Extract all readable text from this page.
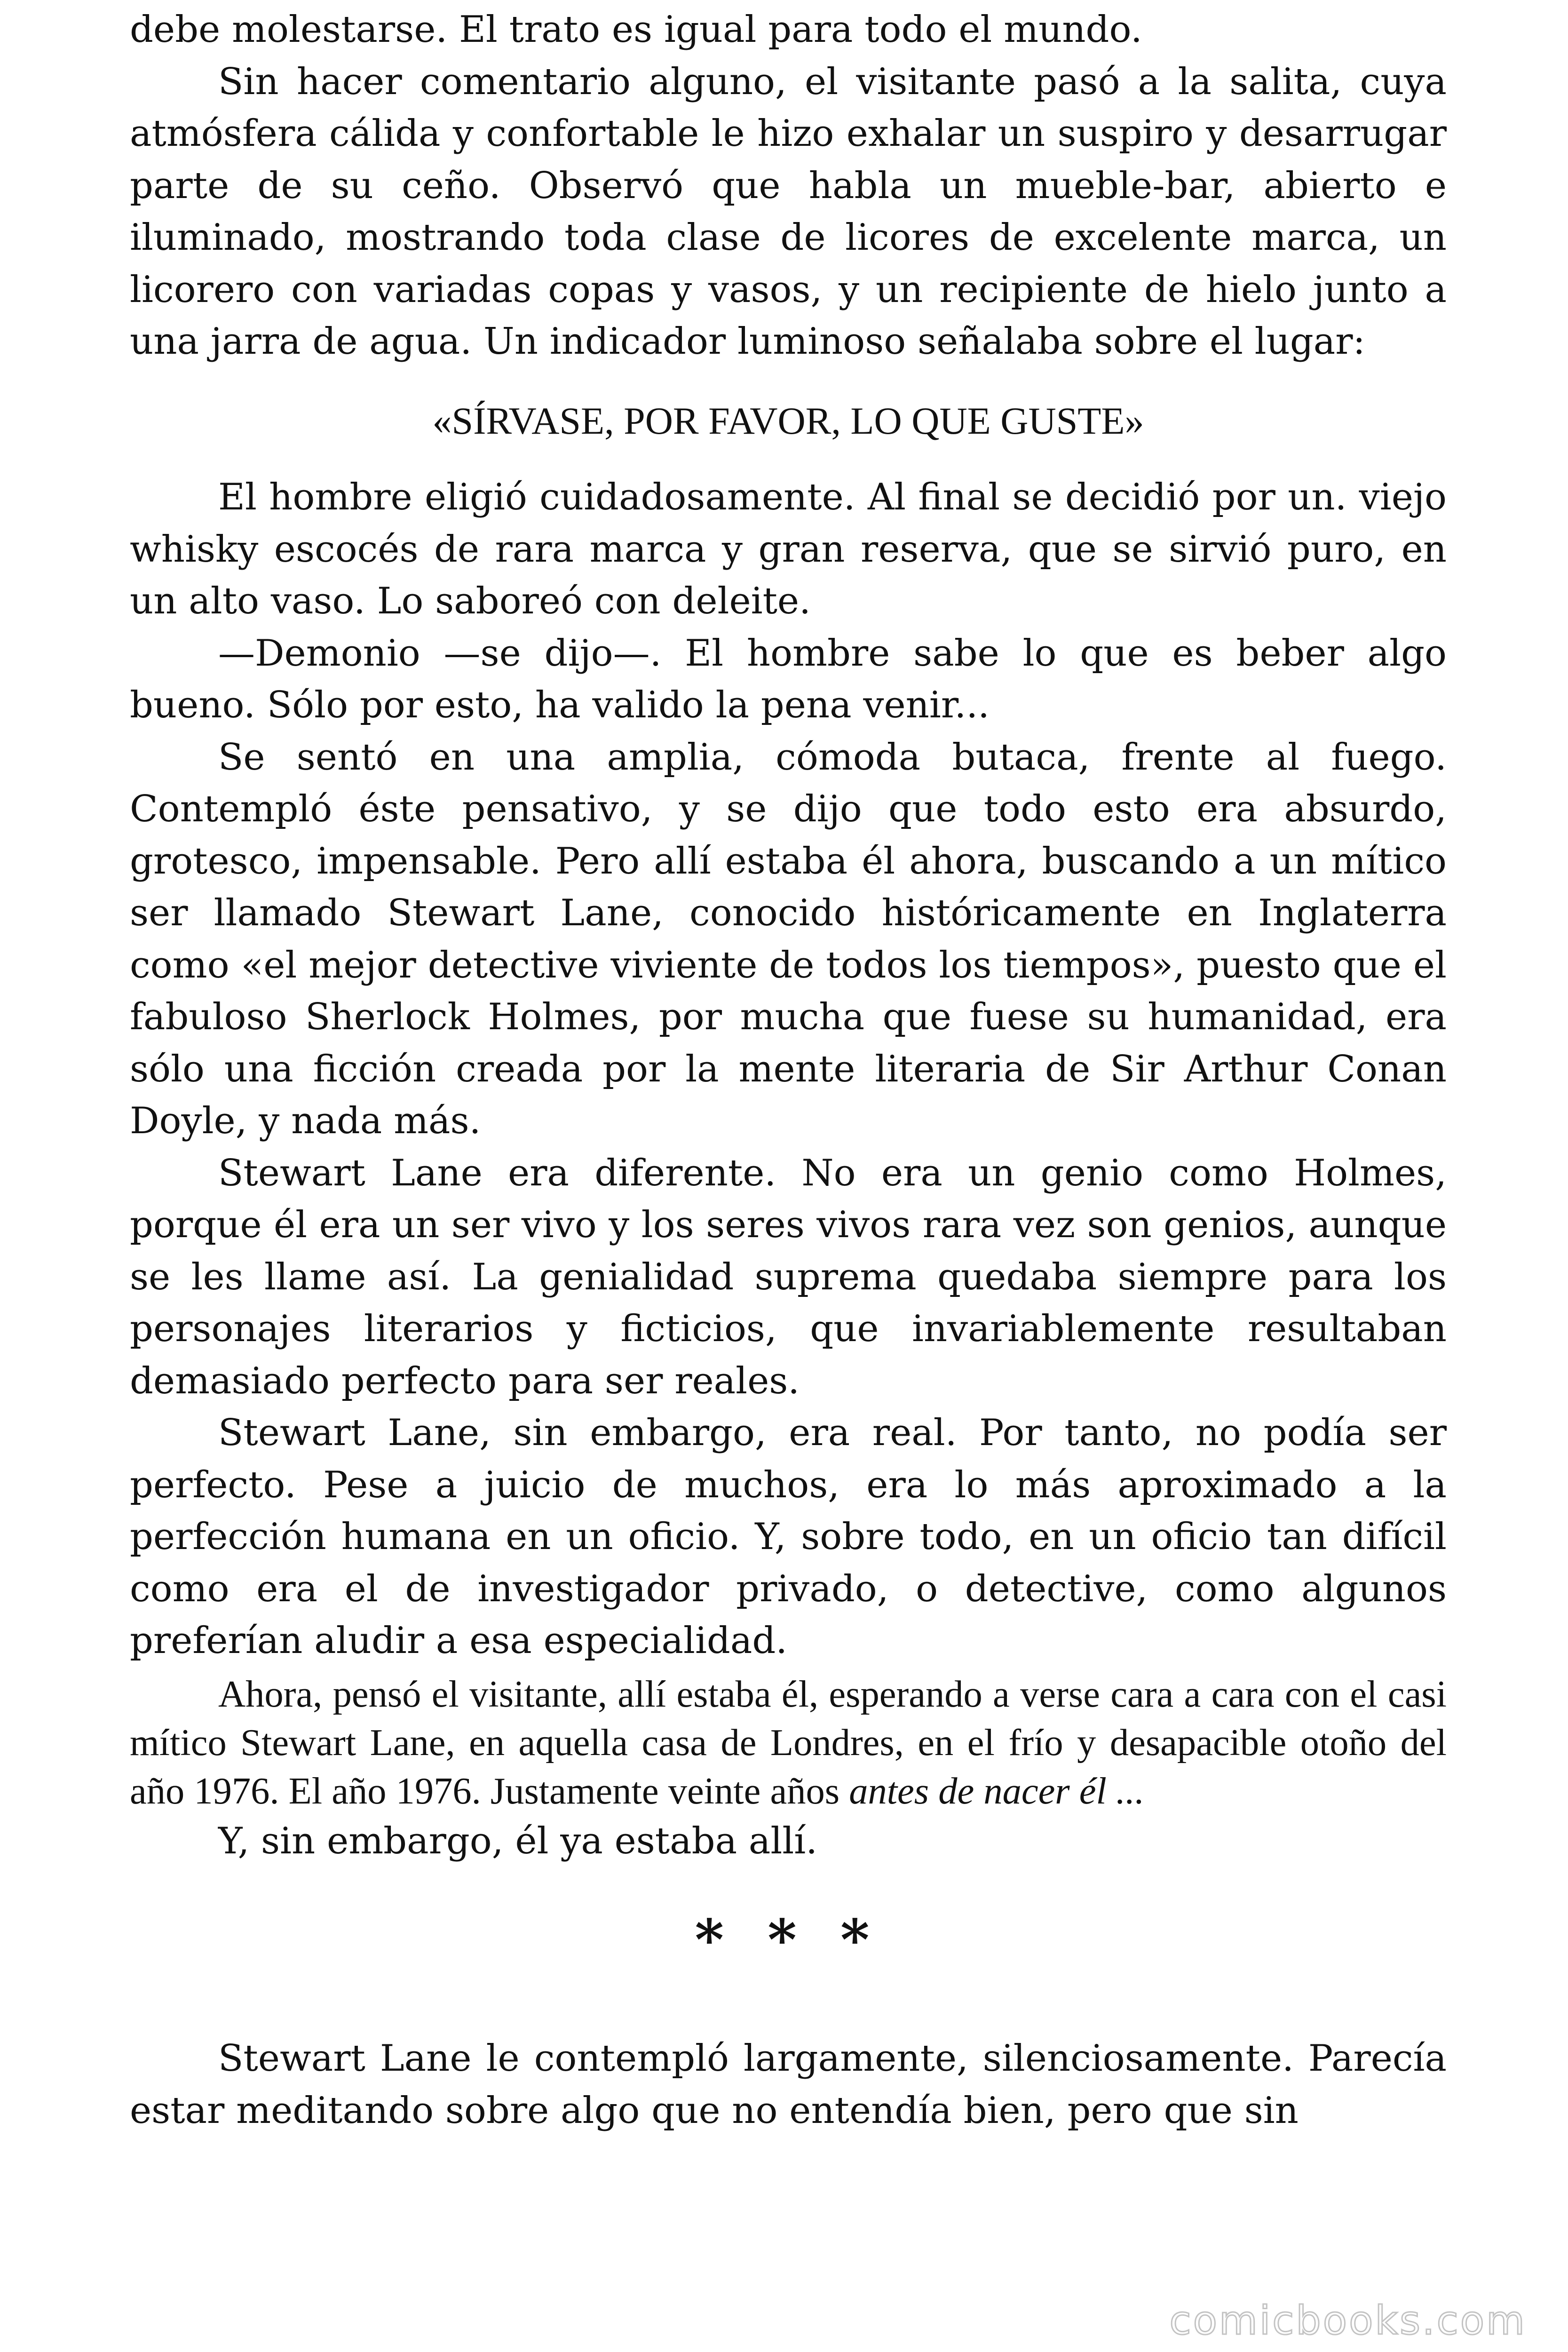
debe molestarse. El trato es igual para todo el mundo.

Sin hacer comentario alguno, el visitante pasó a la salita, cuya atmósfera cálida y confortable le hizo exhalar un suspiro y desarrugar parte de su ceño. Observó que habla un mueble-bar, abierto e iluminado, mostrando toda clase de licores de excelente marca, un licorero con variadas copas y vasos, y un recipiente de hielo junto a una jarra de agua. Un indicador luminoso señalaba sobre el lugar:

«SÍRVASE, POR FAVOR, LO QUE GUSTE»

El hombre eligió cuidadosamente. Al final se decidió por un. viejo whisky escocés de rara marca y gran reserva, que se sirvió puro, en un alto vaso. Lo saboreó con deleite.

—Demonio —se dijo—. El hombre sabe lo que es beber algo bueno. Sólo por esto, ha valido la pena venir...

Se sentó en una amplia, cómoda butaca, frente al fuego. Contempló éste pensativo, y se dijo que todo esto era absurdo, grotesco, impensable. Pero allí estaba él ahora, buscando a un mítico ser llamado Stewart Lane, conocido históricamente en Inglaterra como «el mejor detective viviente de todos los tiempos», puesto que el fabuloso Sherlock Holmes, por mucha que fuese su humanidad, era sólo una ficción creada por la mente literaria de Sir Arthur Conan Doyle, y nada más.

Stewart Lane era diferente. No era un genio como Holmes, porque él era un ser vivo y los seres vivos rara vez son genios, aunque se les llame así. La genialidad suprema quedaba siempre para los personajes literarios y ficticios, que invariablemente resultaban demasiado perfecto para ser reales.

Stewart Lane, sin embargo, era real. Por tanto, no podía ser perfecto. Pese a juicio de muchos, era lo más aproximado a la perfección humana en un oficio. Y, sobre todo, en un oficio tan difícil como era el de investigador privado, o detective, como algunos preferían aludir a esa especialidad.

Ahora, pensó el visitante, allí estaba él, esperando a verse cara a cara con el casi mítico Stewart Lane, en aquella casa de Londres, en el frío y desapacible otoño del año 1976. El año 1976. Justamente veinte años antes de nacer él ...

Y, sin embargo, él ya estaba allí.

* * *

Stewart Lane le contempló largamente, silenciosamente. Parecía estar meditando sobre algo que no entendía bien, pero que sin

comicbooks.com
